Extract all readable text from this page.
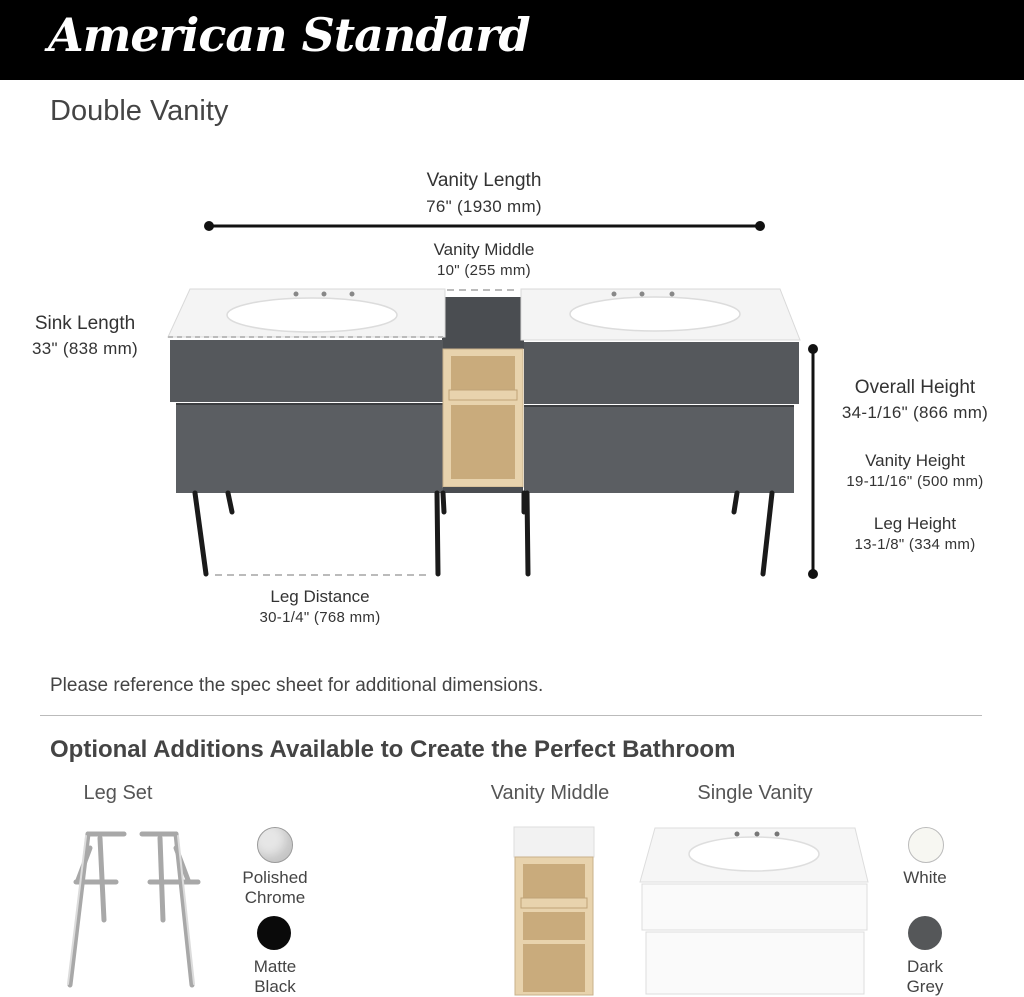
American Standard
Double Vanity
Vanity Length
76" (1930 mm)
Vanity Middle
10" (255 mm)
Sink Length
33" (838 mm)
Overall Height
34-1/16" (866 mm)
Vanity Height
19-11/16" (500 mm)
Leg Height
13-1/8" (334 mm)
Leg Distance
30-1/4" (768 mm)
Please reference the spec sheet for additional dimensions.
Optional Additions Available to Create the Perfect Bathroom
Leg Set	Vanity Middle	Single Vanity
Polished
Chrome
Matte
Black
White
Dark
Grey
